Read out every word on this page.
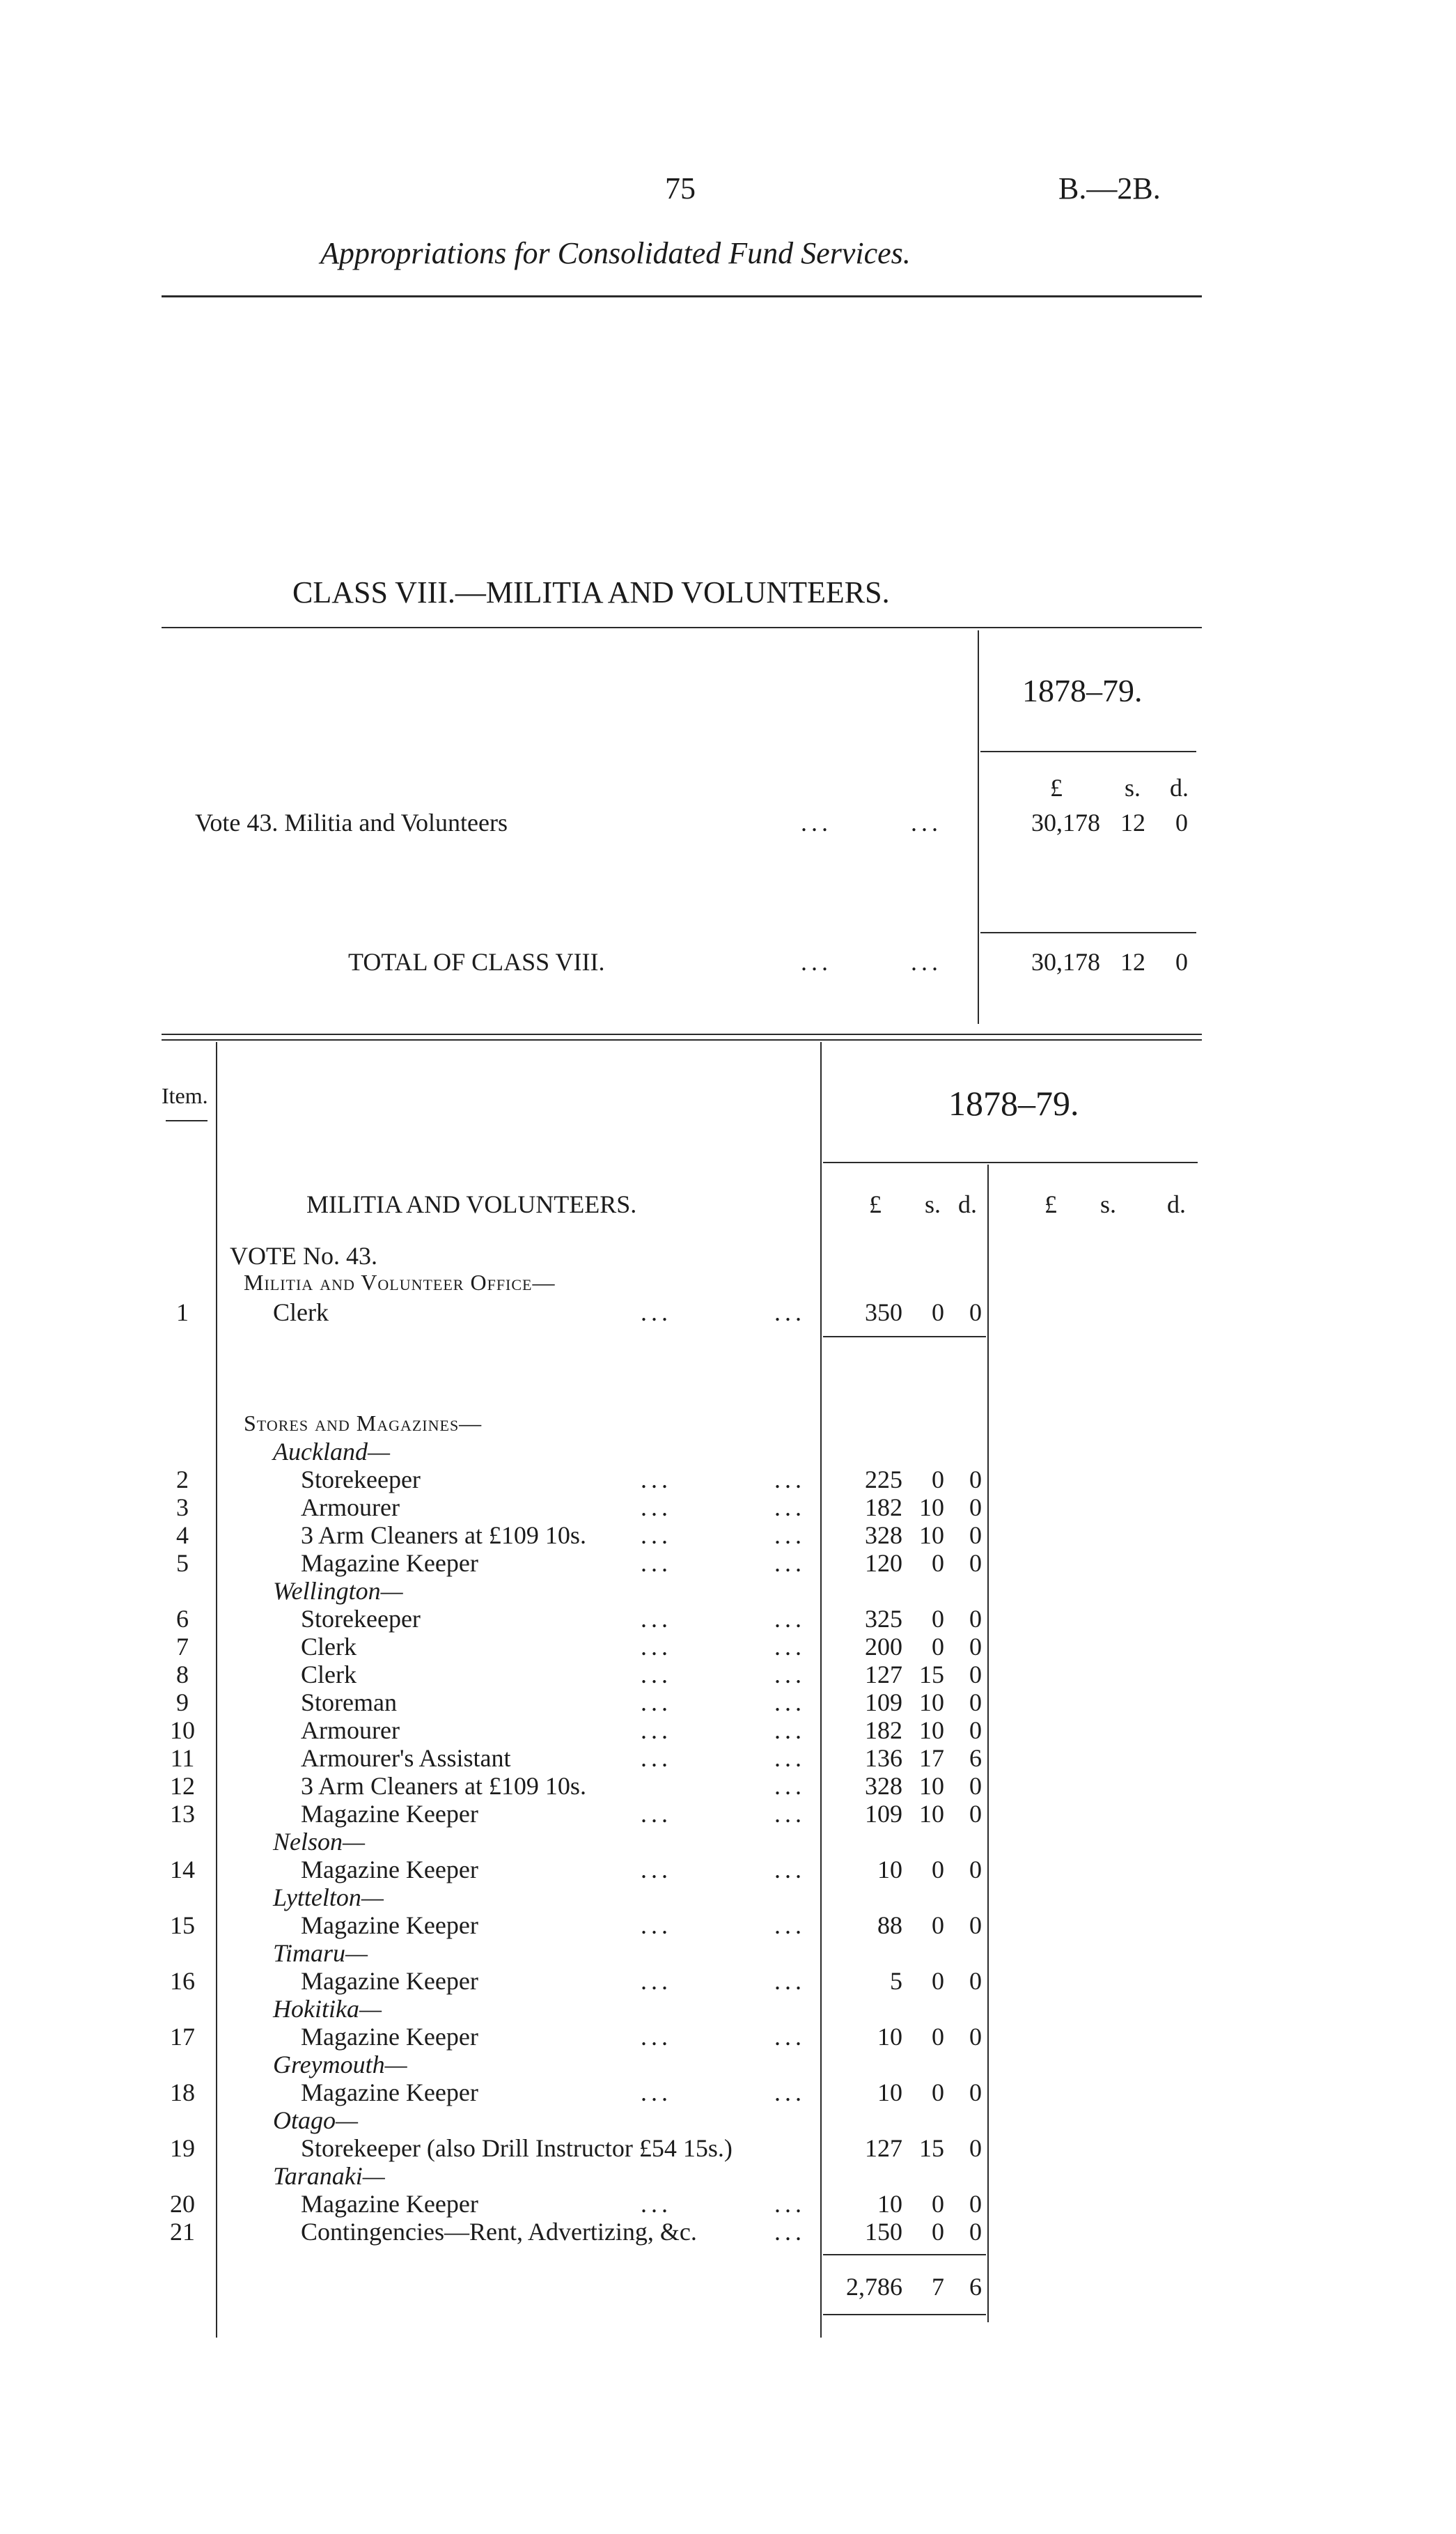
75	B.—2B.
Appropriations for Consolidated Fund Services.
CLASS VIII.—MILITIA AND VOLUNTEERS.
1878–79.
£ s. d.
Vote 43. Militia and Volunteers	...	...	30,178 12	0
TOTAL OF CLASS VIII.	...	...	30,178 12	0
Item.	1878–79.
MILITIA AND VOLUNTEERS.	£ s. d.	£ s. d.
VOTE No. 43.
Militia and Volunteer Office—
Stores and Magazines—
1	Clerk	...	...	350	0	0
Auckland—
2	Storekeeper	...	...	225	0	0
3	Armourer	...	...	182 10	0
4	3 Arm Cleaners at £109 10s. ...	...	328 10	0
5	Magazine Keeper	...	...	120	0	0
Wellington—
6	Storekeeper	...	...	325	0	0
7	Clerk	...	...	200	0	0
8	Clerk	...	...	127 15	0
9	Storeman	...	...	109 10	0
10	Armourer	...	...	182 10	0
11	Armourer's Assistant	...	...	136 17	6
12	3 Arm Cleaners at £109 10s.	...	328 10	0
13	Magazine Keeper	...	...	109 10	0
Nelson—
14	Magazine Keeper	...	...	10	0	0
Lyttelton—
15	Magazine Keeper	...	...	88	0	0
Timaru—
16	Magazine Keeper	...	...	5	0	0
Hokitika—
17	Magazine Keeper	...	...	10	0	0
Greymouth—
18	Magazine Keeper	...	...	10	0	0
Otago—
19	Storekeeper (also Drill Instructor £54 15s.)	127 15	0
Taranaki—
20	Magazine Keeper	...	...	10	0	0
21	Contingencies—Rent, Advertizing, &c.	...	150	0	0
2,786	7	6
